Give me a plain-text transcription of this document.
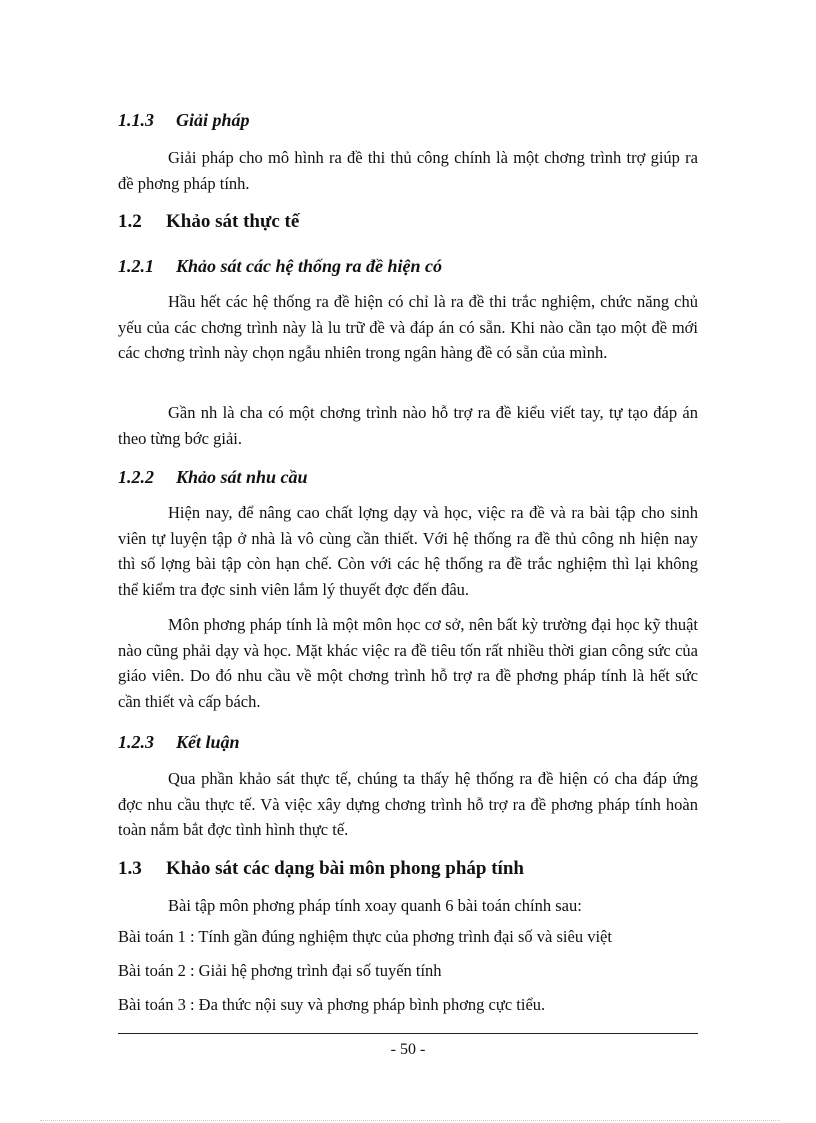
1.1.3 Giải pháp

Giải pháp cho mô hình ra đề thi thủ công chính là một chơng trình trợ giúp ra đề phơng pháp tính.

1.2 Khảo sát thực tế
1.2.1 Khảo sát các hệ thống ra đề hiện có

Hầu hết các hệ thống ra đề hiện có chỉ là ra đề thi trắc nghiệm, chức năng chủ yếu của các chơng trình này là lu trữ đề và đáp án có sẵn. Khi nào cần tạo một đề mới các chơng trình này chọn ngẫu nhiên trong ngân hàng đề có sẵn của mình.

Gần nh là cha có một chơng trình nào hỗ trợ ra đề kiểu viết tay, tự tạo đáp án theo từng bớc giải.

1.2.2 Khảo sát nhu cầu

Hiện nay, để nâng cao chất lợng dạy và học, việc ra đề và ra bài tập cho sinh viên tự luyện tập ở nhà là vô cùng cần thiết. Với hệ thống ra đề thủ công nh hiện nay thì số lợng bài tập còn hạn chế. Còn với các hệ thống ra đề trắc nghiệm thì lại không thể kiểm tra đợc sinh viên lắm lý thuyết đợc đến đâu.

Môn phơng pháp tính là một môn học cơ sở, nên bất kỳ trường đại học kỹ thuật nào cũng phải dạy và học. Mặt khác việc ra đề tiêu tốn rất nhiều thời gian công sức của giáo viên. Do đó nhu cầu về một chơng trình hỗ trợ ra đề phơng pháp tính là hết sức cần thiết và cấp bách.

1.2.3 Kết luận

Qua phần khảo sát thực tế, chúng ta thấy hệ thống ra đề hiện có cha đáp ứng đợc nhu cầu thực tế. Và việc xây dựng chơng trình hỗ trợ ra đề phơng pháp tính hoàn toàn nắm bắt đợc tình hình thực tế.

1.3 Khảo sát các dạng bài môn phong pháp tính

Bài tập môn phơng pháp tính xoay quanh 6 bài toán chính sau:

Bài toán 1 : Tính gần đúng nghiệm thực của phơng trình đại số và siêu việt

Bài toán 2 : Giải hệ phơng trình đại số tuyến tính

Bài toán 3 : Đa thức nội suy và phơng pháp bình phơng cực tiểu.

- 50 -
